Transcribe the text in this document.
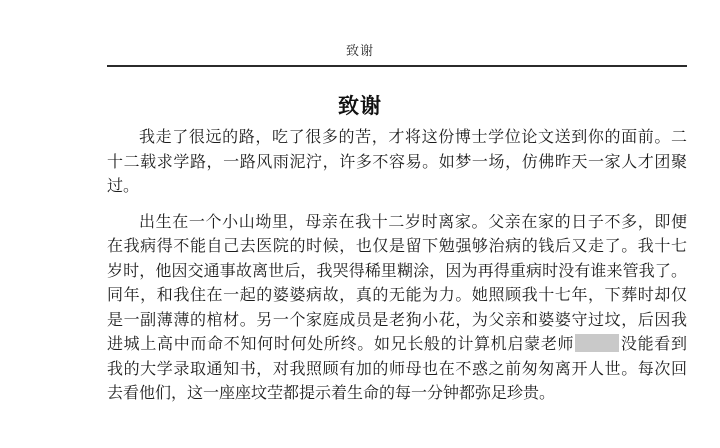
致谢
致谢

我走了很远的路，吃了很多的苦，才将这份博士学位论文送到你的面前。二
十二载求学路，一路风雨泥泞，许多不容易。如梦一场，仿佛昨天一家人才团聚
过。

出生在一个小山坳里，母亲在我十二岁时离家。父亲在家的日子不多，即便
在我病得不能自己去医院的时候，也仅是留下勉强够治病的钱后又走了。我十七
岁时，他因交通事故离世后，我哭得稀里糊涂，因为再得重病时没有谁来管我了。
同年，和我住在一起的婆婆病故，真的无能为力。她照顾我十七年，下葬时却仅
是一副薄薄的棺材。另一个家庭成员是老狗小花，为父亲和婆婆守过坟，后因我
进城上高中而命不知何时何处所终。如兄长般的计算机启蒙老师	没能看到
我的大学录取通知书，对我照顾有加的师母也在不惑之前匆匆离开人世。每次回
去看他们，这一座座坟茔都提示着生命的每一分钟都弥足珍贵。
